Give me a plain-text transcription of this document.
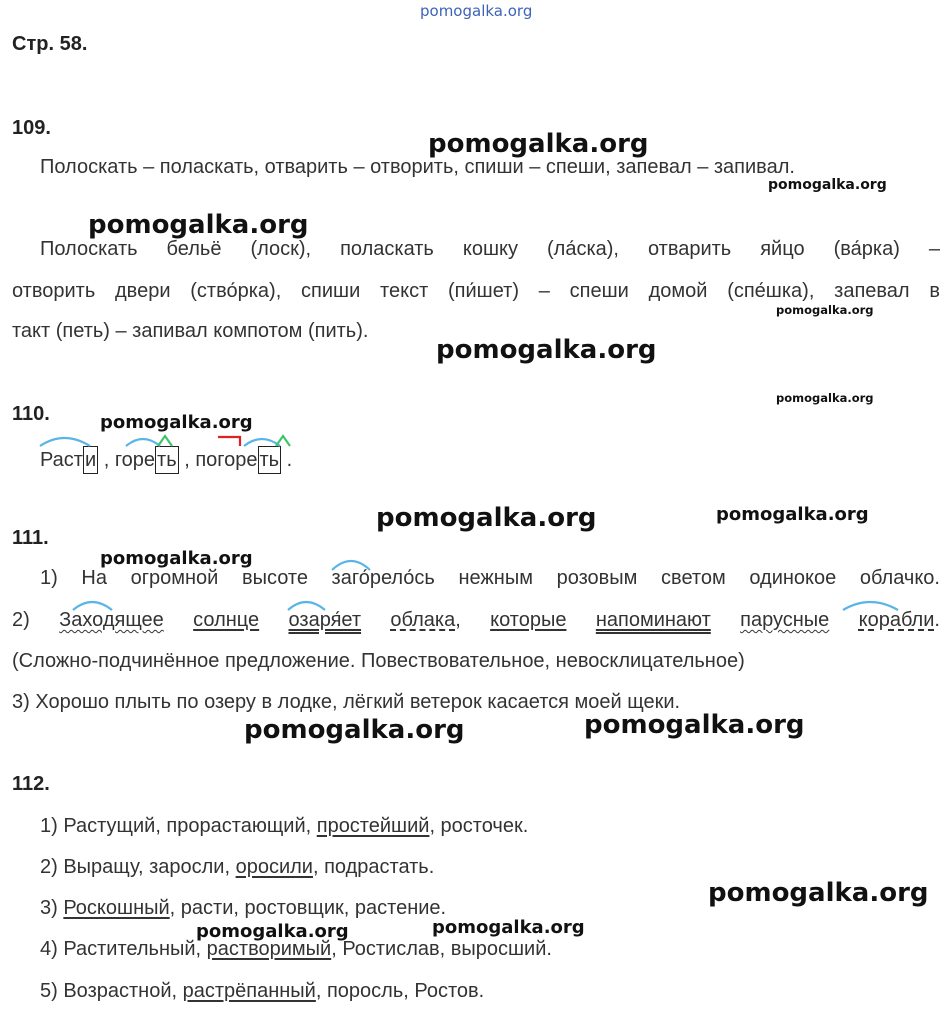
pomogalka.org
Стр. 58.
109.
Полоскать – поласкать, отварить – отворить, спиши – спеши, запевал – запивал.
Полоскать бельё (лоск), поласкать кошку (ла́ска), отварить яйцо (ва́рка) –
отворить двери (ство́рка), спиши текст (пи́шет) – спеши домой (спе́шка), запевал в
такт (петь) – запивал компотом (пить).
110.
Раст и , горе ть , погоре ть .
111.
1) На огромной высоте заго́рело́сь нежным розовым светом одинокое облачко.
2) Заходящее солнце озаря́ет облака, которые напоминают парусные корабли.
(Сложно-подчинённое предложение. Повествовательное, невосклицательное)
3) Хорошо плыть по озеру в лодке, лёгкий ветерок касается моей щеки.
112.
1) Растущий, прорастающий, простейший, росточек.
2) Выращу, заросли, оросили, подрастать.
3) Роскошный, расти, ростовщик, растение.
4) Растительный, растворимый, Ростислав, выросший.
5) Возрастной, растрёпанный, поросль, Ростов.
pomogalka.org
pomogalka.org
pomogalka.org
pomogalka.org
pomogalka.org
pomogalka.org
pomogalka.org
pomogalka.org	pomogalka.org
pomogalka.org
pomogalka.org	pomogalka.org
pomogalka.org
pomogalka.org
pomogalka.org
